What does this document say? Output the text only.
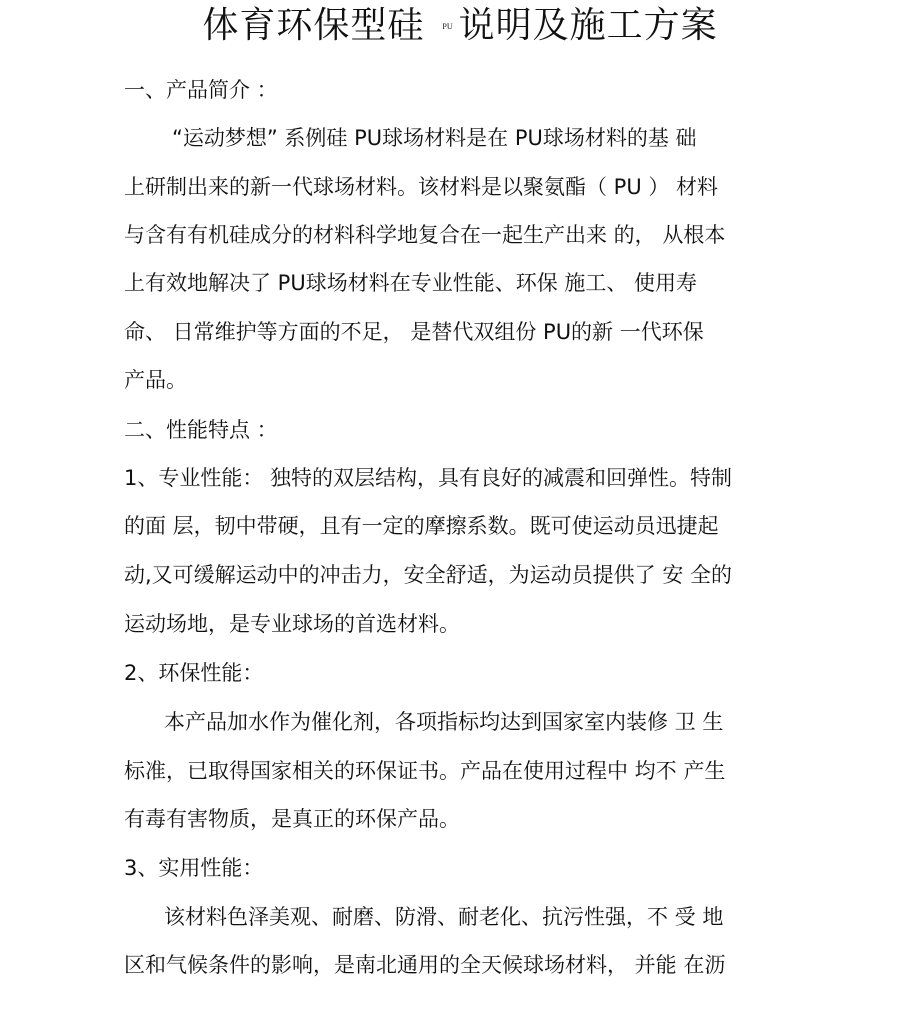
体育环保型硅 PU 说明及施工方案
一、产品简介 ：
“运动梦想” 系例硅 PU球场材料是在 PU球场材料的基 础
上研制出来的新一代球场材料。该材料是以聚氨酯（ PU ） 材料
与含有有机硅成分的材料科学地复合在一起生产出来 的， 从根本
上有效地解决了 PU球场材料在专业性能、环保 施工、 使用寿
命、 日常维护等方面的不足， 是替代双组份 PU的新 一代环保
产品。
二、性能特点 ：
1、专业性能： 独特的双层结构，具有良好的减震和回弹性。特制
的面 层，韧中带硬，且有一定的摩擦系数。既可使运动员迅捷起
动,又可缓解运动中的冲击力，安全舒适，为运动员提供了 安 全的
运动场地，是专业球场的首选材料。
2、环保性能：
本产品加水作为催化剂，各项指标均达到国家室内装修 卫 生
标准，已取得国家相关的环保证书。产品在使用过程中 均不 产生
有毒有害物质，是真正的环保产品。
3、实用性能：
该材料色泽美观、耐磨、防滑、耐老化、抗污性强，不 受 地
区和气候条件的影响，是南北通用的全天候球场材料， 并能 在沥
